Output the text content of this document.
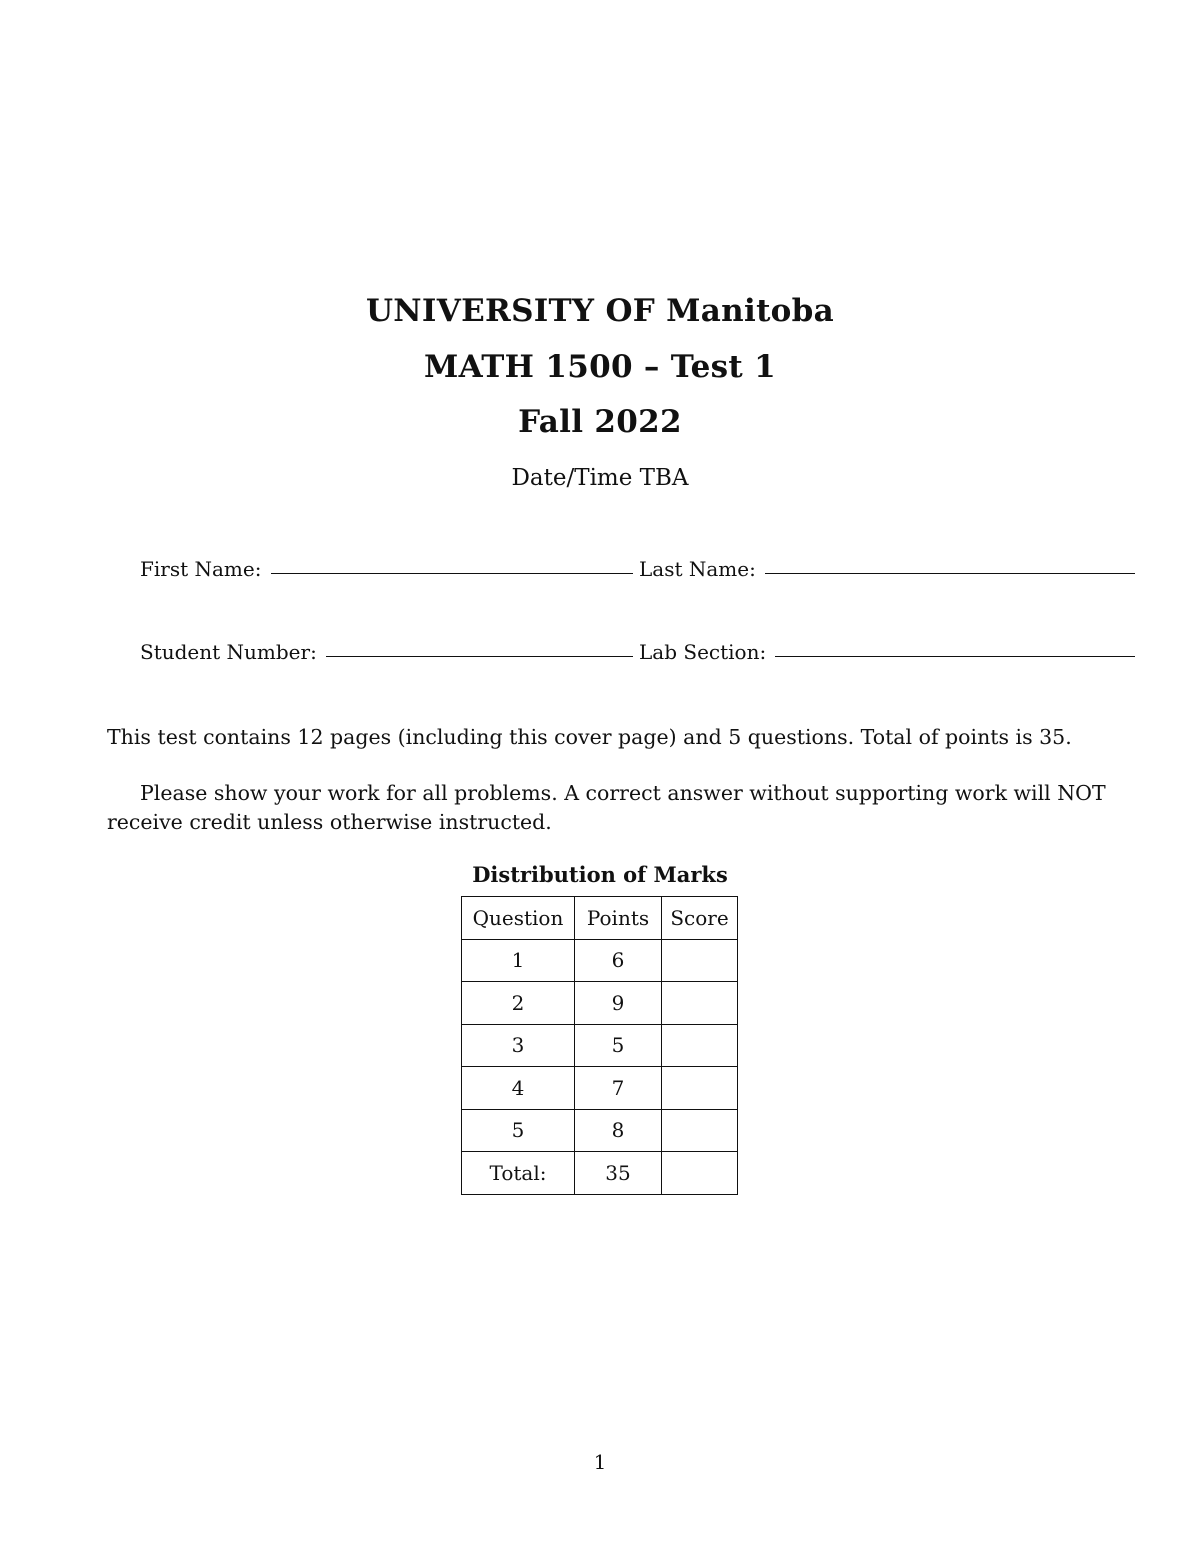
UNIVERSITY OF Manitoba
MATH 1500 – Test 1
Fall 2022
Date/Time TBA
First Name:	Last Name:
Student Number:	Lab Section:
This test contains 12 pages (including this cover page) and 5 questions. Total of points is 35.
Please show your work for all problems. A correct answer without supporting work will NOT
receive credit unless otherwise instructed.
Distribution of Marks
Question	Points	Score
1	6	
2	9	
3	5	
4	7	
5	8	
Total:	35	
1
